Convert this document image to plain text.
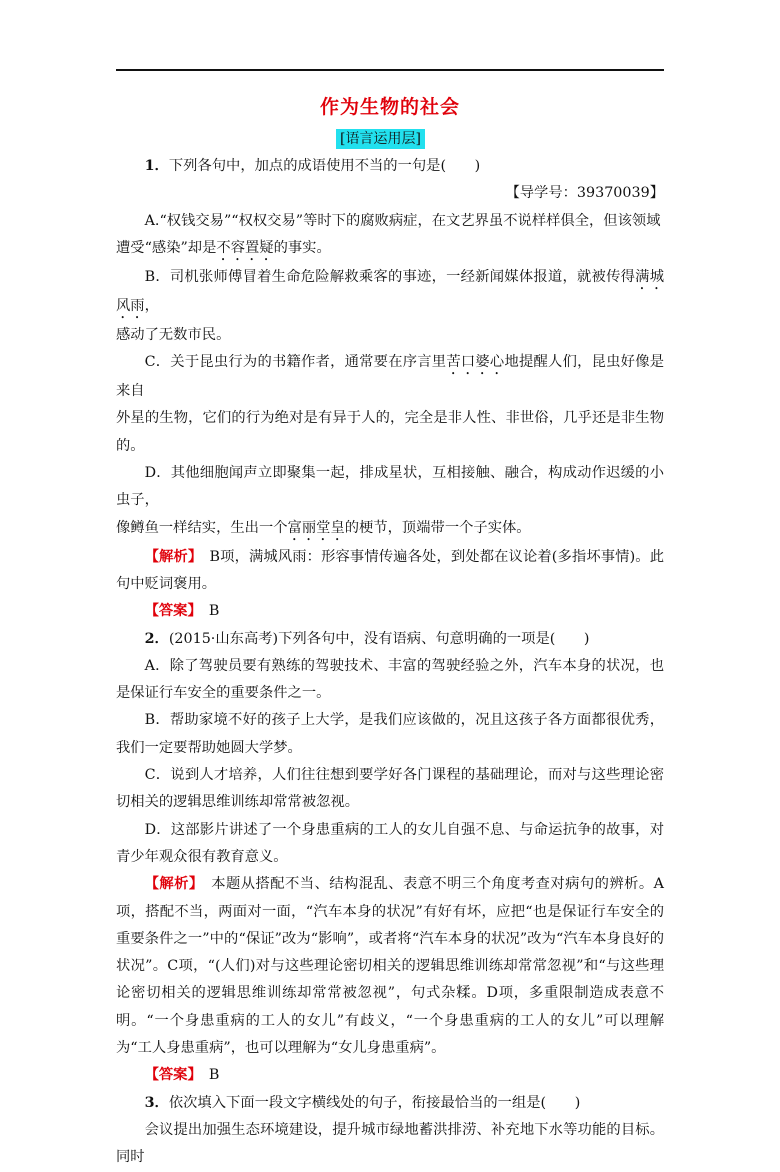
作为生物的社会
[语言运用层]

1．下列各句中，加点的成语使用不当的一句是(　　)

【导学号：39370039】

A.“权钱交易”“权权交易”等时下的腐败病症，在文艺界虽不说样样俱全，但该领域
遭受“感染”却是不容置疑的事实。

B．司机张师傅冒着生命危险解救乘客的事迹，一经新闻媒体报道，就被传得满城风雨，
感动了无数市民。

C．关于昆虫行为的书籍作者，通常要在序言里苦口婆心地提醒人们，昆虫好像是来自
外星的生物，它们的行为绝对是有异于人的，完全是非人性、非世俗，几乎还是非生物的。

D．其他细胞闻声立即聚集一起，排成星状，互相接触、融合，构成动作迟缓的小虫子，
像鳟鱼一样结实，生出一个富丽堂皇的梗节，顶端带一个子实体。

【解析】　B项，满城风雨：形容事情传遍各处，到处都在议论着(多指坏事情)。此句中贬词褒用。

【答案】　B

2．(2015·山东高考)下列各句中，没有语病、句意明确的一项是(　　)

A．除了驾驶员要有熟练的驾驶技术、丰富的驾驶经验之外，汽车本身的状况，也是保证行车安全的重要条件之一。

B．帮助家境不好的孩子上大学，是我们应该做的，况且这孩子各方面都很优秀，我们一定要帮助她圆大学梦。

C．说到人才培养，人们往往想到要学好各门课程的基础理论，而对与这些理论密切相关的逻辑思维训练却常常被忽视。

D．这部影片讲述了一个身患重病的工人的女儿自强不息、与命运抗争的故事，对青少年观众很有教育意义。

【解析】　本题从搭配不当、结构混乱、表意不明三个角度考查对病句的辨析。A项，搭配不当，两面对一面，“汽车本身的状况”有好有坏，应把“也是保证行车安全的重要条件之一”中的“保证”改为“影响”，或者将“汽车本身的状况”改为“汽车本身良好的状况”。C项，“(人们)对与这些理论密切相关的逻辑思维训练却常常忽视”和“与这些理论密切相关的逻辑思维训练却常常被忽视”，句式杂糅。D项，多重限制造成表意不明。“一个身患重病的工人的女儿”有歧义，“一个身患重病的工人的女儿”可以理解为“工人身患重病”，也可以理解为“女儿身患重病”。

【答案】　B

3．依次填入下面一段文字横线处的句子，衔接最恰当的一组是(　　)

会议提出加强生态环境建设，提升城市绿地蓄洪排涝、补充地下水等功能的目标。同时
